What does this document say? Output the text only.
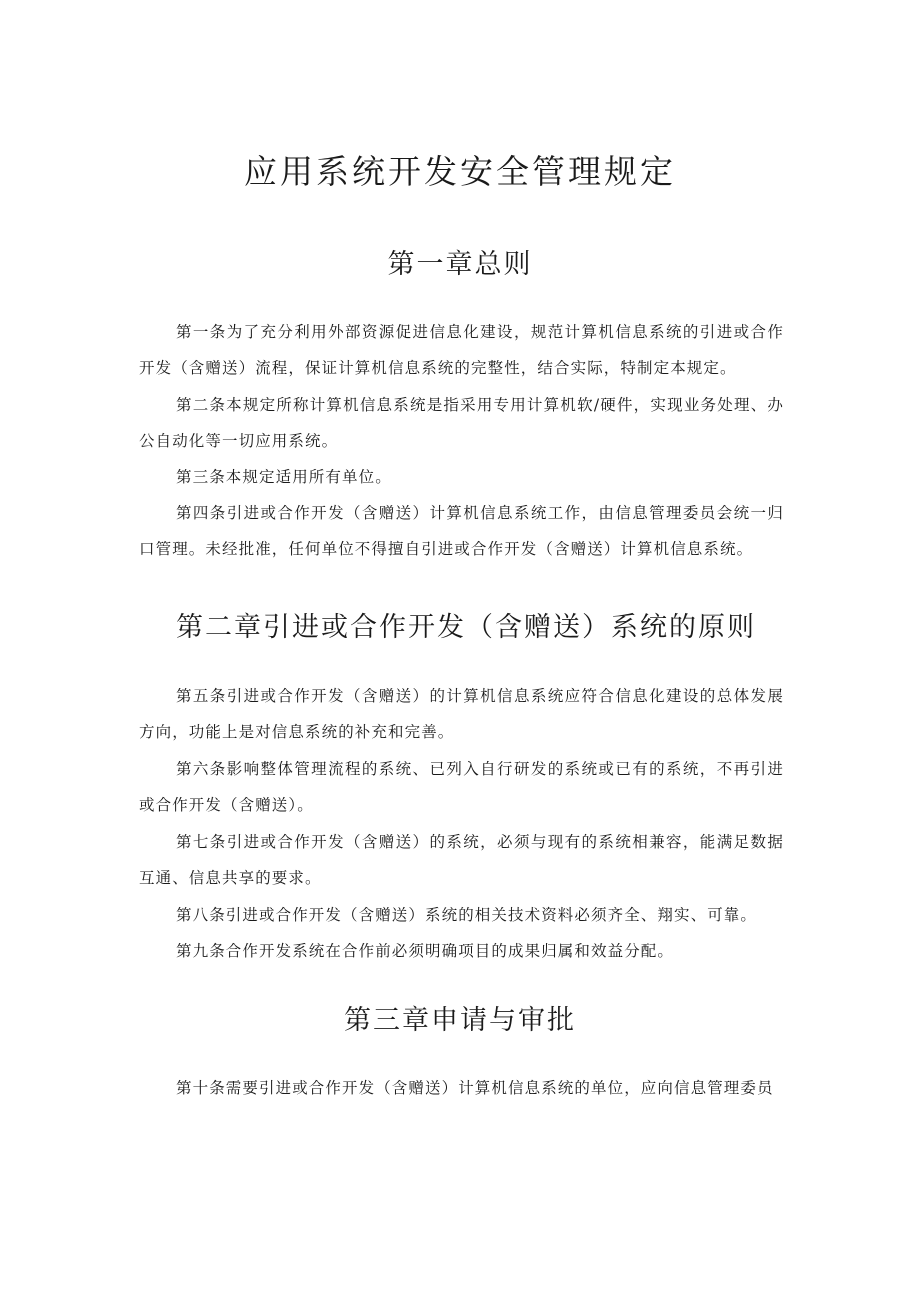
应用系统开发安全管理规定
第一章总则

第一条为了充分利用外部资源促进信息化建设，规范计算机信息系统的引进或合作开发（含赠送）流程，保证计算机信息系统的完整性，结合实际，特制定本规定。

第二条本规定所称计算机信息系统是指采用专用计算机软/硬件，实现业务处理、办公自动化等一切应用系统。

第三条本规定适用所有单位。

第四条引进或合作开发（含赠送）计算机信息系统工作，由信息管理委员会统一归口管理。未经批准，任何单位不得擅自引进或合作开发（含赠送）计算机信息系统。

第二章引进或合作开发（含赠送）系统的原则

第五条引进或合作开发（含赠送）的计算机信息系统应符合信息化建设的总体发展方向，功能上是对信息系统的补充和完善。

第六条影响整体管理流程的系统、已列入自行研发的系统或已有的系统，不再引进或合作开发（含赠送）。

第七条引进或合作开发（含赠送）的系统，必须与现有的系统相兼容，能满足数据互通、信息共享的要求。

第八条引进或合作开发（含赠送）系统的相关技术资料必须齐全、翔实、可靠。

第九条合作开发系统在合作前必须明确项目的成果归属和效益分配。

第三章申请与审批

第十条需要引进或合作开发（含赠送）计算机信息系统的单位，应向信息管理委员
